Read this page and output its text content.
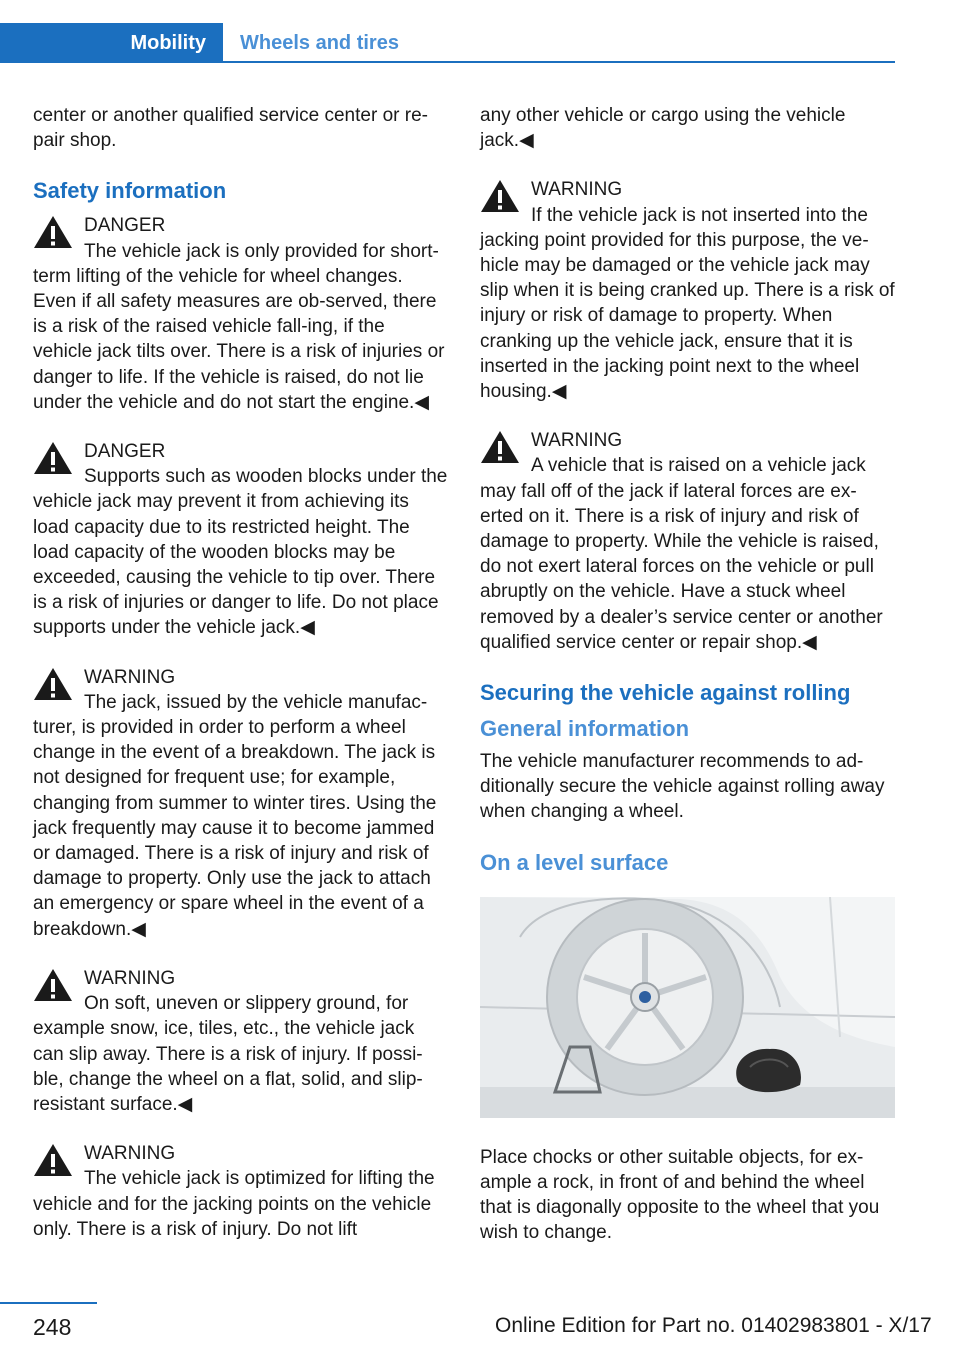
Mobility Wheels and tires

center or another qualified service center or re-pair shop.

Safety information
DANGER
The vehicle jack is only provided for short-term lifting of the vehicle for wheel changes. Even if all safety measures are ob-served, there is a risk of the raised vehicle fall-ing, if the vehicle jack tilts over. There is a risk of injuries or danger to life. If the vehicle is raised, do not lie under the vehicle and do not start the engine.◀
DANGER
Supports such as wooden blocks under the vehicle jack may prevent it from achieving its load capacity due to its restricted height. The load capacity of the wooden blocks may be exceeded, causing the vehicle to tip over. There is a risk of injuries or danger to life. Do not place supports under the vehicle jack.◀
WARNING
The jack, issued by the vehicle manufac- turer, is provided in order to perform a wheel change in the event of a breakdown. The jack is not designed for frequent use; for example, changing from summer to winter tires. Using the jack frequently may cause it to become jammed or damaged. There is a risk of injury and risk of damage to property. Only use the jack to attach an emergency or spare wheel in the event of a breakdown.◀
WARNING
On soft, uneven or slippery ground, for example snow, ice, tiles, etc., the vehicle jack can slip away. There is a risk of injury. If possi-ble, change the wheel on a flat, solid, and slip-resistant surface.◀
WARNING
The vehicle jack is optimized for lifting the vehicle and for the jacking points on the vehicle only. There is a risk of injury. Do not lift

any other vehicle or cargo using the vehicle jack.◀

WARNING
If the vehicle jack is not inserted into the jacking point provided for this purpose, the ve-hicle may be damaged or the vehicle jack may slip when it is being cranked up. There is a risk of injury or risk of damage to property. When cranking up the vehicle jack, ensure that it is inserted in the jacking point next to the wheel housing.◀
WARNING
A vehicle that is raised on a vehicle jack may fall off of the jack if lateral forces are ex-erted on it. There is a risk of injury and risk of damage to property. While the vehicle is raised, do not exert lateral forces on the vehicle or pull abruptly on the vehicle. Have a stuck wheel removed by a dealer’s service center or another qualified service center or repair shop.◀
Securing the vehicle against rolling
General information

The vehicle manufacturer recommends to ad-ditionally secure the vehicle against rolling away when changing a wheel.

On a level surface

Place chocks or other suitable objects, for ex-ample a rock, in front of and behind the wheel that is diagonally opposite to the wheel that you wish to change.

248	Online Edition for Part no. 01402983801 - X/17
